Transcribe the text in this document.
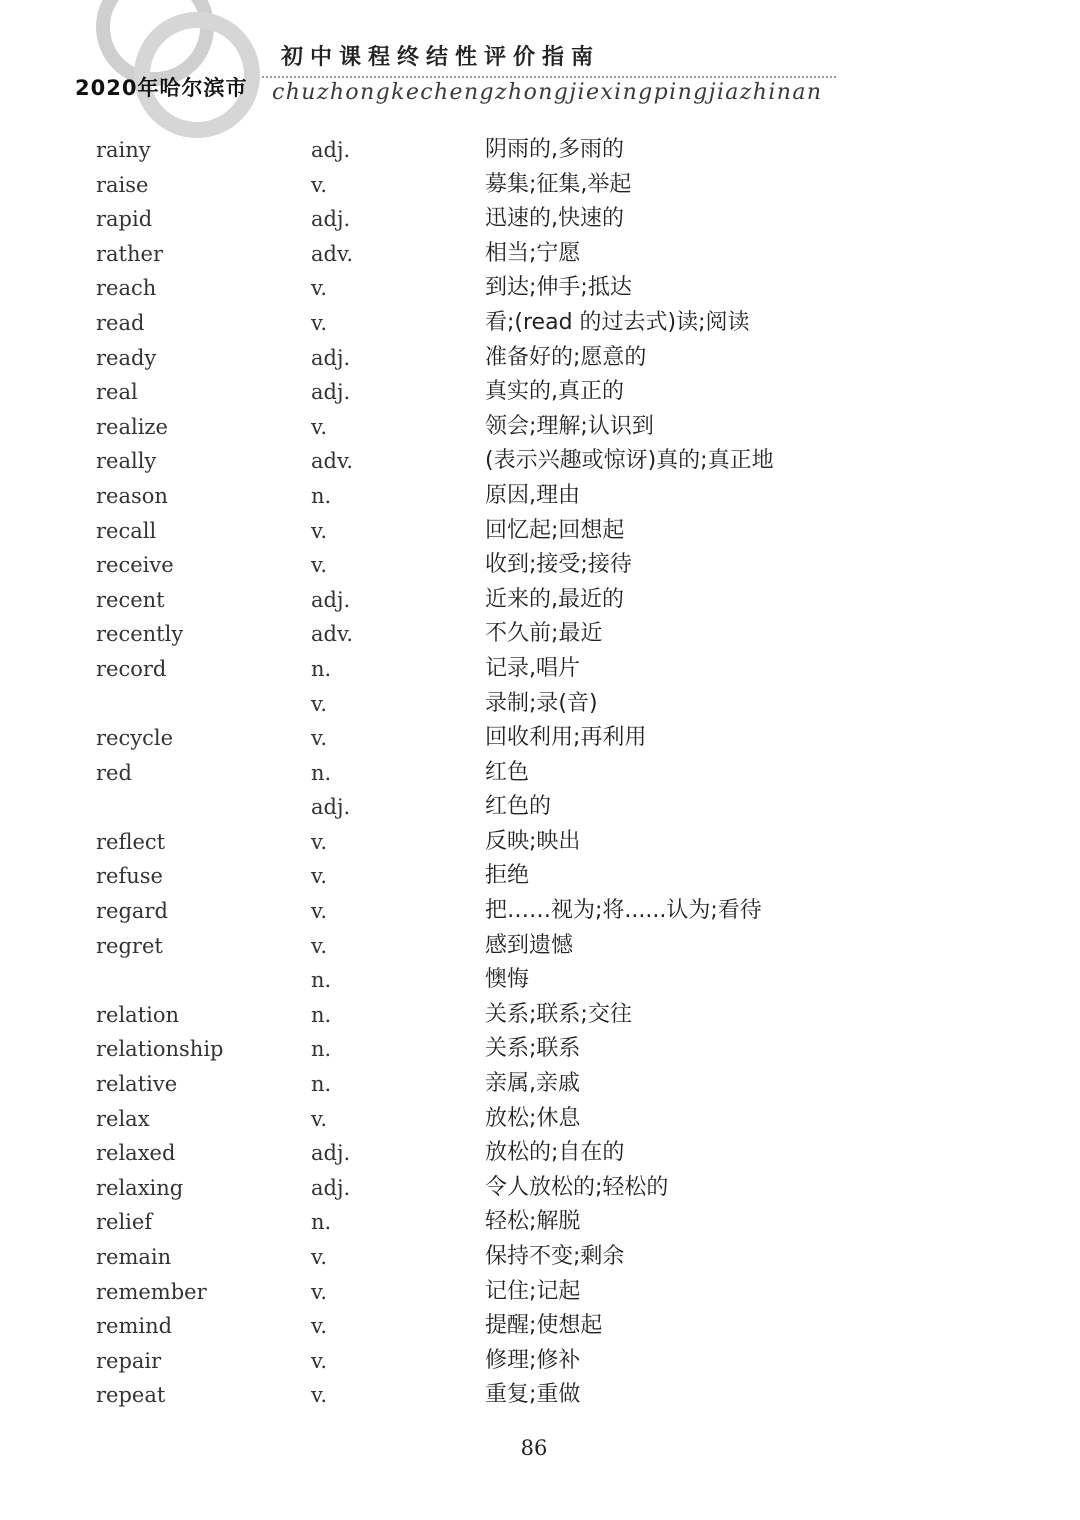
2020年哈尔滨市
初中课程终结性评价指南
chuzhongkechengzhongjiexingpingjiazhinan
rainy	adj.	阴雨的,多雨的
raise	v.	募集;征集,举起
rapid	adj.	迅速的,快速的
rather	adv.	相当;宁愿
reach	v.	到达;伸手;抵达
read	v.	看;(read 的过去式)读;阅读
ready	adj.	准备好的;愿意的
real	adj.	真实的,真正的
realize	v.	领会;理解;认识到
really	adv.	(表示兴趣或惊讶)真的;真正地
reason	n.	原因,理由
recall	v.	回忆起;回想起
receive	v.	收到;接受;接待
recent	adj.	近来的,最近的
recently	adv.	不久前;最近
record	n.	记录,唱片
v.	录制;录(音)
recycle	v.	回收利用;再利用
red	n.	红色
adj.	红色的
reflect	v.	反映;映出
refuse	v.	拒绝
regard	v.	把……视为;将......认为;看待
regret	v.	感到遗憾
n.	懊悔
relation	n.	关系;联系;交往
relationship	n.	关系;联系
relative	n.	亲属,亲戚
relax	v.	放松;休息
relaxed	adj.	放松的;自在的
relaxing	adj.	令人放松的;轻松的
relief	n.	轻松;解脱
remain	v.	保持不变;剩余
remember	v.	记住;记起
remind	v.	提醒;使想起
repair	v.	修理;修补
repeat	v.	重复;重做
86
